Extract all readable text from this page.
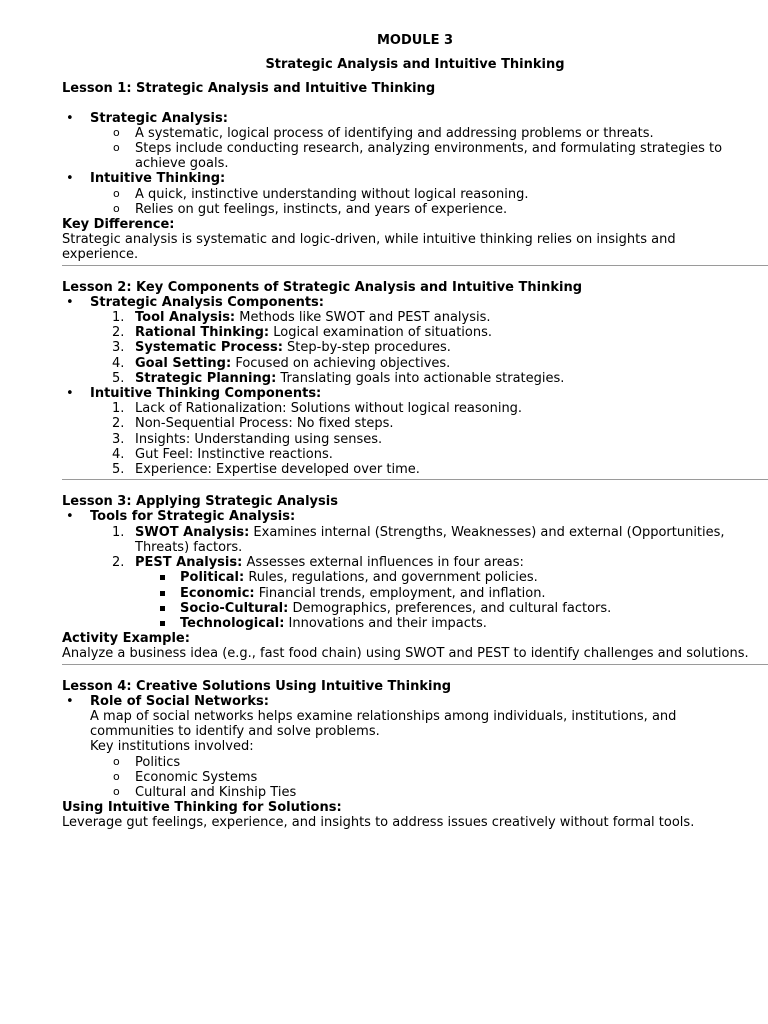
MODULE 3
Strategic Analysis and Intuitive Thinking
Lesson 1: Strategic Analysis and Intuitive Thinking
• Strategic Analysis:
o A systematic, logical process of identifying and addressing problems or threats.
o Steps include conducting research, analyzing environments, and formulating strategies to achieve goals.
• Intuitive Thinking:
o A quick, instinctive understanding without logical reasoning.
o Relies on gut feelings, instincts, and years of experience.
Key Difference:

Strategic analysis is systematic and logic-driven, while intuitive thinking relies on insights and experience.

Lesson 2: Key Components of Strategic Analysis and Intuitive Thinking
• Strategic Analysis Components:
1. Tool Analysis: Methods like SWOT and PEST analysis.
2. Rational Thinking: Logical examination of situations.
3. Systematic Process: Step-by-step procedures.
4. Goal Setting: Focused on achieving objectives.
5. Strategic Planning: Translating goals into actionable strategies.
• Intuitive Thinking Components:
1. Lack of Rationalization: Solutions without logical reasoning.
2. Non-Sequential Process: No fixed steps.
3. Insights: Understanding using senses.
4. Gut Feel: Instinctive reactions.
5. Experience: Expertise developed over time.
Lesson 3: Applying Strategic Analysis
• Tools for Strategic Analysis:
1. SWOT Analysis: Examines internal (Strengths, Weaknesses) and external (Opportunities, Threats) factors.
2. PEST Analysis: Assesses external influences in four areas:
Political: Rules, regulations, and government policies.
Economic: Financial trends, employment, and inflation.
Socio-Cultural: Demographics, preferences, and cultural factors.
Technological: Innovations and their impacts.
Activity Example:

Analyze a business idea (e.g., fast food chain) using SWOT and PEST to identify challenges and solutions.

Lesson 4: Creative Solutions Using Intuitive Thinking
• Role of Social Networks:
A map of social networks helps examine relationships among individuals, institutions, and communities to identify and solve problems.
Key institutions involved:
o Politics
o Economic Systems
o Cultural and Kinship Ties
Using Intuitive Thinking for Solutions:

Leverage gut feelings, experience, and insights to address issues creatively without formal tools.
